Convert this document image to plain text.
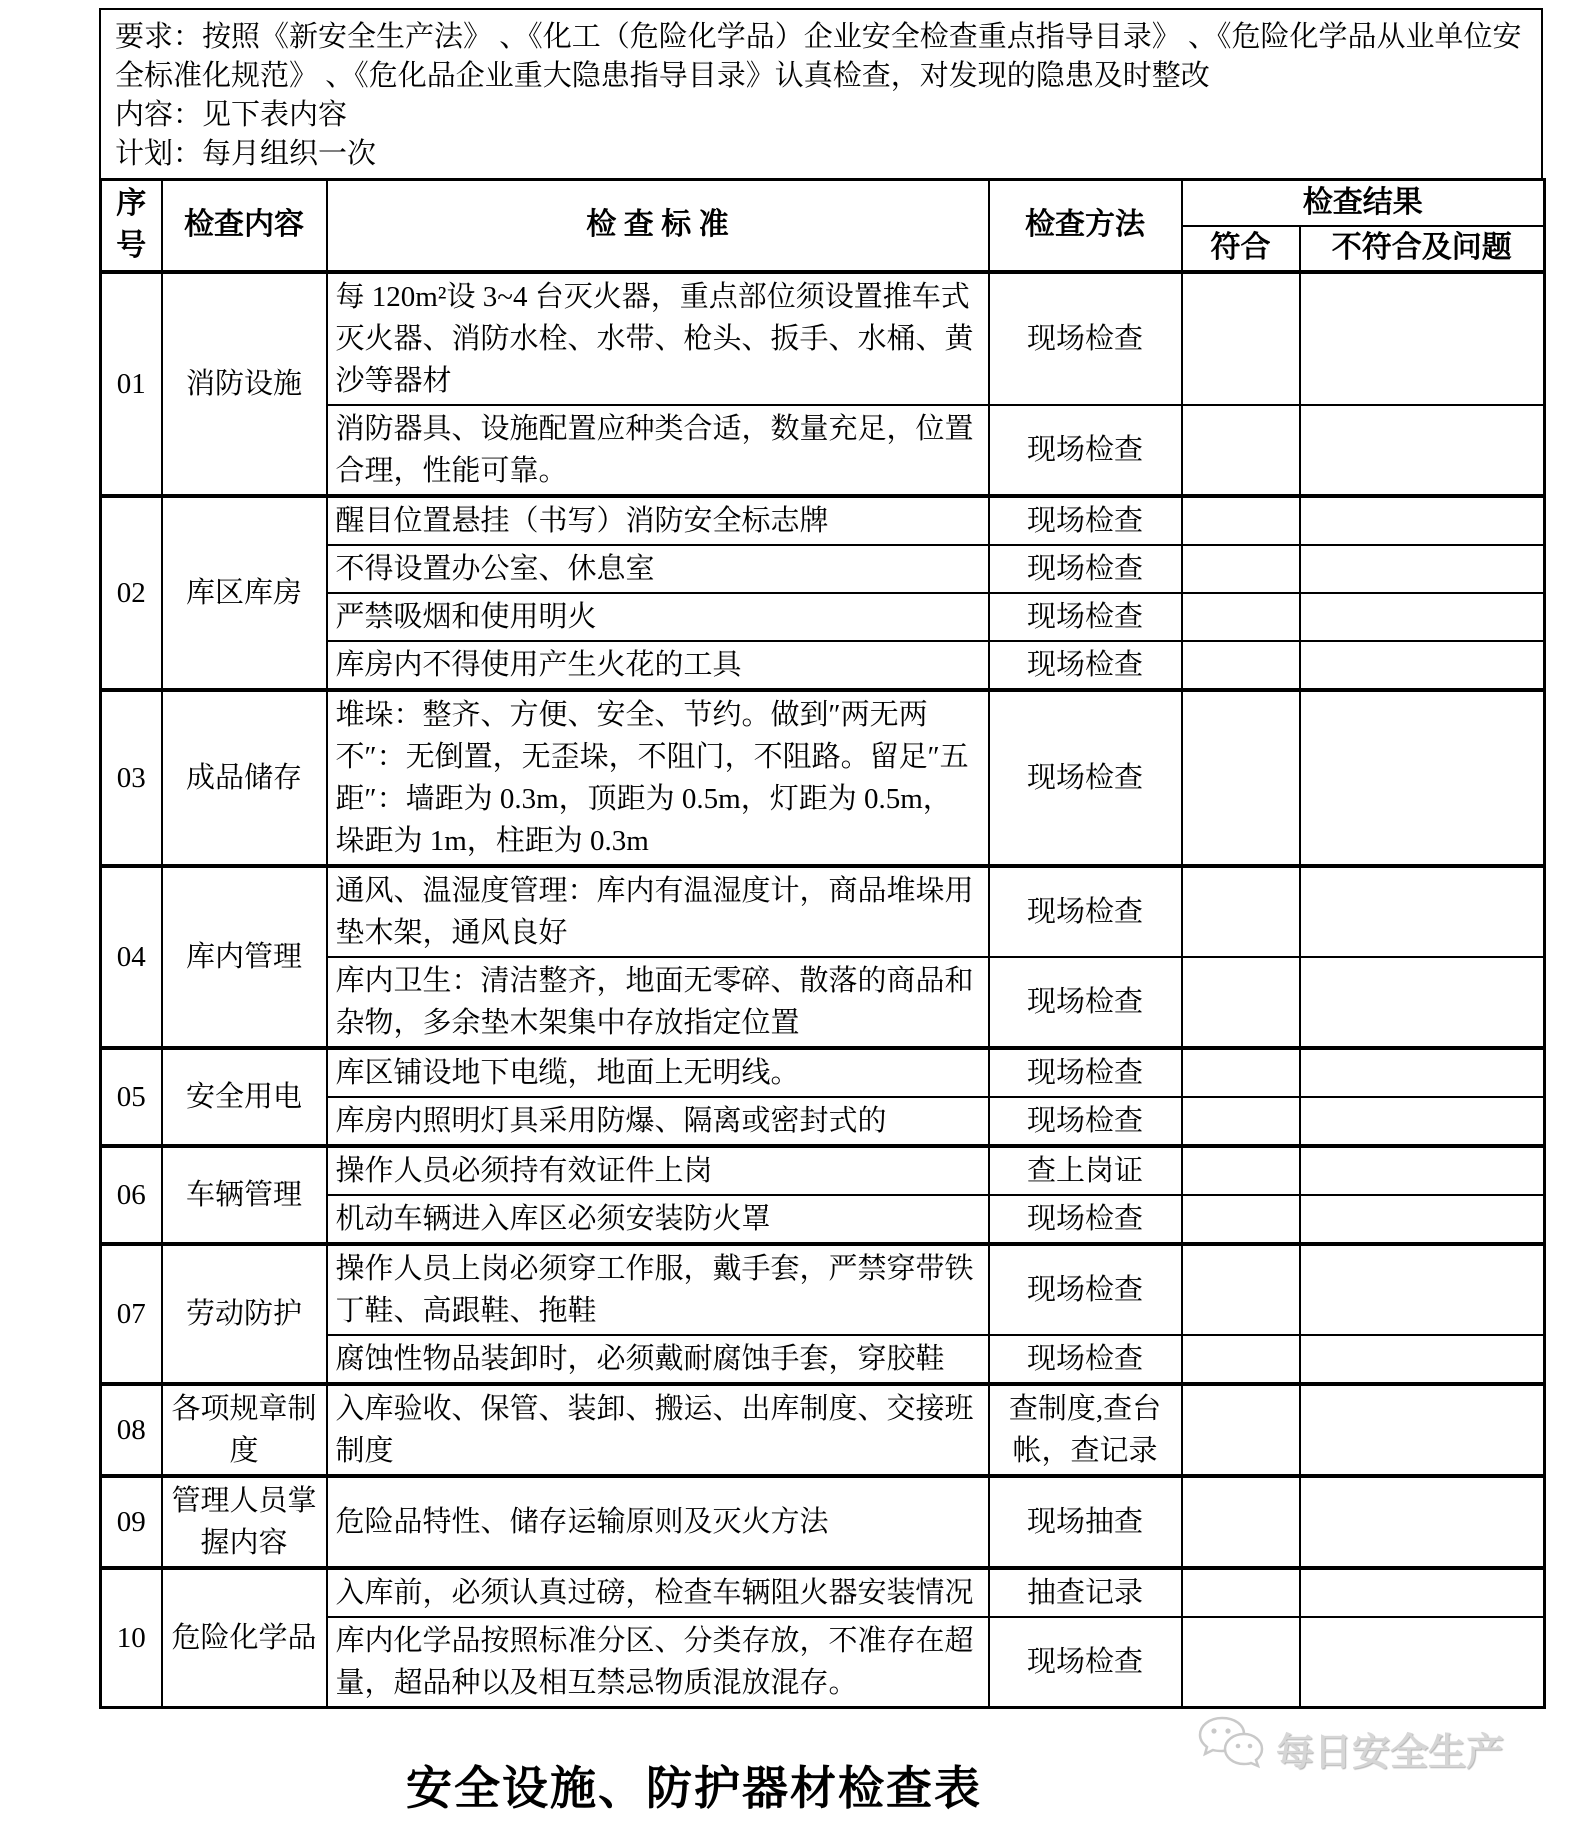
要求：按照《新安全生产法》 、《化工（危险化学品）企业安全检查重点指导目录》 、《危险化学品从业单位安全标准化规范》 、《危化品企业重大隐患指导目录》认真检查，对发现的隐患及时整改

内容：见下表内容

计划：每月组织一次

序号	检查内容	检 查 标 准	检查方法	检查结果	
				符合	不符合及问题
01	消防设施	每 120m²设 3~4 台灭火器，重点部位须设置推车式灭火器、消防水栓、水带、枪头、扳手、水桶、黄沙等器材	现场检查		
		消防器具、设施配置应种类合适，数量充足，位置合理，性能可靠。	现场检查		
02	库区库房	醒目位置悬挂（书写）消防安全标志牌	现场检查		
		不得设置办公室、休息室	现场检查		
		严禁吸烟和使用明火	现场检查		
		库房内不得使用产生火花的工具	现场检查		
03	成品储存	堆垛：整齐、方便、安全、节约。做到″两无两不″：无倒置，无歪垛，不阻门，不阻路。留足″五距″：墙距为 0.3m，顶距为 0.5m，灯距为 0.5m，垛距为 1m，柱距为 0.3m	现场检查		
04	库内管理	通风、温湿度管理：库内有温湿度计，商品堆垛用垫木架，通风良好	现场检查		
		库内卫生：清洁整齐，地面无零碎、散落的商品和杂物，多余垫木架集中存放指定位置	现场检查		
05	安全用电	库区铺设地下电缆，地面上无明线。	现场检查		
		库房内照明灯具采用防爆、隔离或密封式的	现场检查		
06	车辆管理	操作人员必须持有效证件上岗	查上岗证		
		机动车辆进入库区必须安装防火罩	现场检查		
07	劳动防护	操作人员上岗必须穿工作服，戴手套，严禁穿带铁丁鞋、高跟鞋、拖鞋	现场检查		
		腐蚀性物品装卸时，必须戴耐腐蚀手套，穿胶鞋	现场检查		
08	各项规章制度	入库验收、保管、装卸、搬运、出库制度、交接班制度	查制度,查台帐，查记录		
09	管理人员掌握内容	危险品特性、储存运输原则及灭火方法	现场抽查		
10	危险化学品	入库前，必须认真过磅，检查车辆阻火器安装情况	抽查记录		
		库内化学品按照标准分区、分类存放，不准存在超量，超品种以及相互禁忌物质混放混存。	现场检查		
每日安全生产
安全设施、防护器材检查表
